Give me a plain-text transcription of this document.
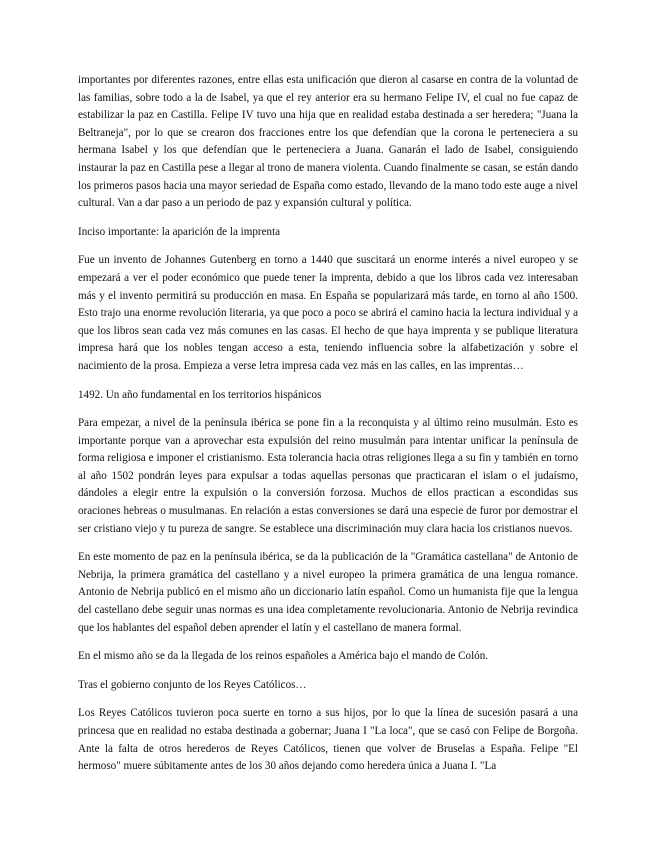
importantes por diferentes razones, entre ellas esta unificación que dieron al casarse en contra de la voluntad de las familias, sobre todo a la de Isabel, ya que el rey anterior era su hermano Felipe IV, el cual no fue capaz de estabilizar la paz en Castilla. Felipe IV tuvo una hija que en realidad estaba destinada a ser heredera; "Juana la Beltraneja", por lo que se crearon dos fracciones entre los que defendían que la corona le perteneciera a su hermana Isabel y los que defendían que le perteneciera a Juana. Ganarán el lado de Isabel, consiguiendo instaurar la paz en Castilla pese a llegar al trono de manera violenta. Cuando finalmente se casan, se están dando los primeros pasos hacia una mayor seriedad de España como estado, llevando de la mano todo este auge a nivel cultural. Van a dar paso a un periodo de paz y expansión cultural y política.

Inciso importante: la aparición de la imprenta

Fue un invento de Johannes Gutenberg en torno a 1440 que suscitará un enorme interés a nivel europeo y se empezará a ver el poder económico que puede tener la imprenta, debido a que los libros cada vez interesaban más y el invento permitirá su producción en masa. En España se popularizará más tarde, en torno al año 1500. Esto trajo una enorme revolución literaria, ya que poco a poco se abrirá el camino hacia la lectura individual y a que los libros sean cada vez más comunes en las casas. El hecho de que haya imprenta y se publique literatura impresa hará que los nobles tengan acceso a esta, teniendo influencia sobre la alfabetización y sobre el nacimiento de la prosa. Empieza a verse letra impresa cada vez más en las calles, en las imprentas…

1492. Un año fundamental en los territorios hispánicos

Para empezar, a nivel de la península ibérica se pone fin a la reconquista y al último reino musulmán. Esto es importante porque van a aprovechar esta expulsión del reino musulmán para intentar unificar la península de forma religiosa e imponer el cristianismo. Esta tolerancia hacia otras religiones llega a su fin y también en torno al año 1502 pondrán leyes para expulsar a todas aquellas personas que practicaran el islam o el judaísmo, dándoles a elegir entre la expulsión o la conversión forzosa. Muchos de ellos practican a escondidas sus oraciones hebreas o musulmanas. En relación a estas conversiones se dará una especie de furor por demostrar el ser cristiano viejo y tu pureza de sangre. Se establece una discriminación muy clara hacia los cristianos nuevos.

En este momento de paz en la península ibérica, se da la publicación de la "Gramática castellana" de Antonio de Nebrija, la primera gramática del castellano y a nivel europeo la primera gramática de una lengua romance. Antonio de Nebrija publicó en el mismo año un diccionario latín español. Como un humanista fije que la lengua del castellano debe seguir unas normas es una idea completamente revolucionaria. Antonio de Nebrija revindica que los hablantes del español deben aprender el latín y el castellano de manera formal.

En el mismo año se da la llegada de los reinos españoles a América bajo el mando de Colón.

Tras el gobierno conjunto de los Reyes Católicos…

Los Reyes Católicos tuvieron poca suerte en torno a sus hijos, por lo que la línea de sucesión pasará a una princesa que en realidad no estaba destinada a gobernar; Juana I "La loca", que se casó con Felipe de Borgoña. Ante la falta de otros herederos de Reyes Católicos, tienen que volver de Bruselas a España. Felipe "El hermoso" muere súbitamente antes de los 30 años dejando como heredera única a Juana I. "La
